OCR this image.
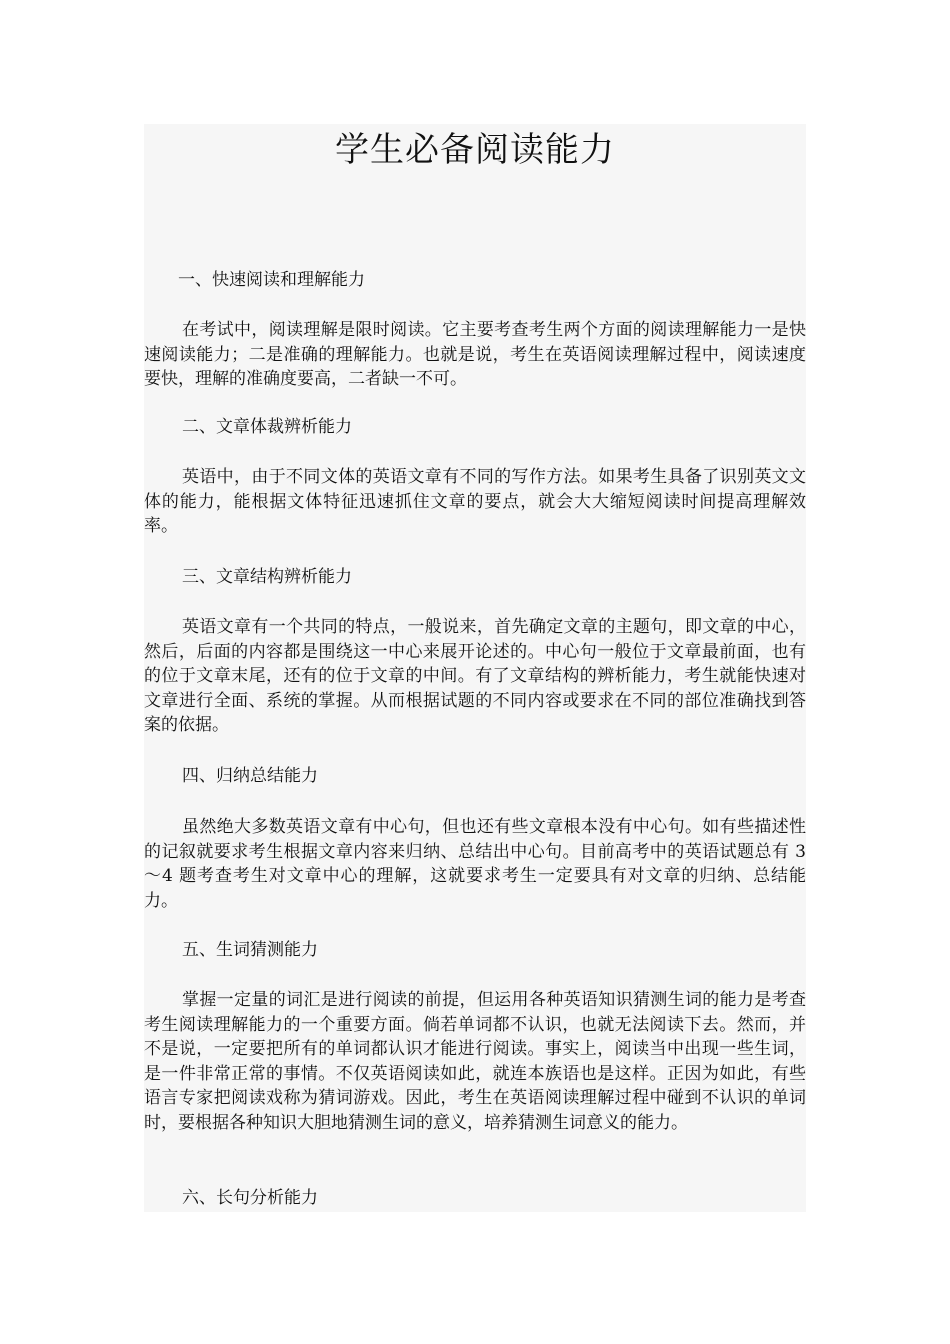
学生必备阅读能力
一、快速阅读和理解能力

在考试中，阅读理解是限时阅读。它主要考查考生两个方面的阅读理解能力一是快速阅读能力；二是准确的理解能力。也就是说，考生在英语阅读理解过程中，阅读速度要快，理解的准确度要高，二者缺一不可。

二、文章体裁辨析能力

英语中，由于不同文体的英语文章有不同的写作方法。如果考生具备了识别英文文体的能力，能根据文体特征迅速抓住文章的要点，就会大大缩短阅读时间提高理解效率。

三、文章结构辨析能力

英语文章有一个共同的特点，一般说来，首先确定文章的主题句，即文章的中心，然后，后面的内容都是围绕这一中心来展开论述的。中心句一般位于文章最前面，也有的位于文章末尾，还有的位于文章的中间。有了文章结构的辨析能力，考生就能快速对文章进行全面、系统的掌握。从而根据试题的不同内容或要求在不同的部位准确找到答案的依据。

四、归纳总结能力

虽然绝大多数英语文章有中心句，但也还有些文章根本没有中心句。如有些描述性的记叙就要求考生根据文章内容来归纳、总结出中心句。目前高考中的英语试题总有 3～4 题考查考生对文章中心的理解，这就要求考生一定要具有对文章的归纳、总结能力。

五、生词猜测能力

掌握一定量的词汇是进行阅读的前提，但运用各种英语知识猜测生词的能力是考查考生阅读理解能力的一个重要方面。倘若单词都不认识，也就无法阅读下去。然而，并不是说，一定要把所有的单词都认识才能进行阅读。事实上，阅读当中出现一些生词，是一件非常正常的事情。不仅英语阅读如此，就连本族语也是这样。正因为如此，有些语言专家把阅读戏称为猜词游戏。因此，考生在英语阅读理解过程中碰到不认识的单词时，要根据各种知识大胆地猜测生词的意义，培养猜测生词意义的能力。

六、长句分析能力
